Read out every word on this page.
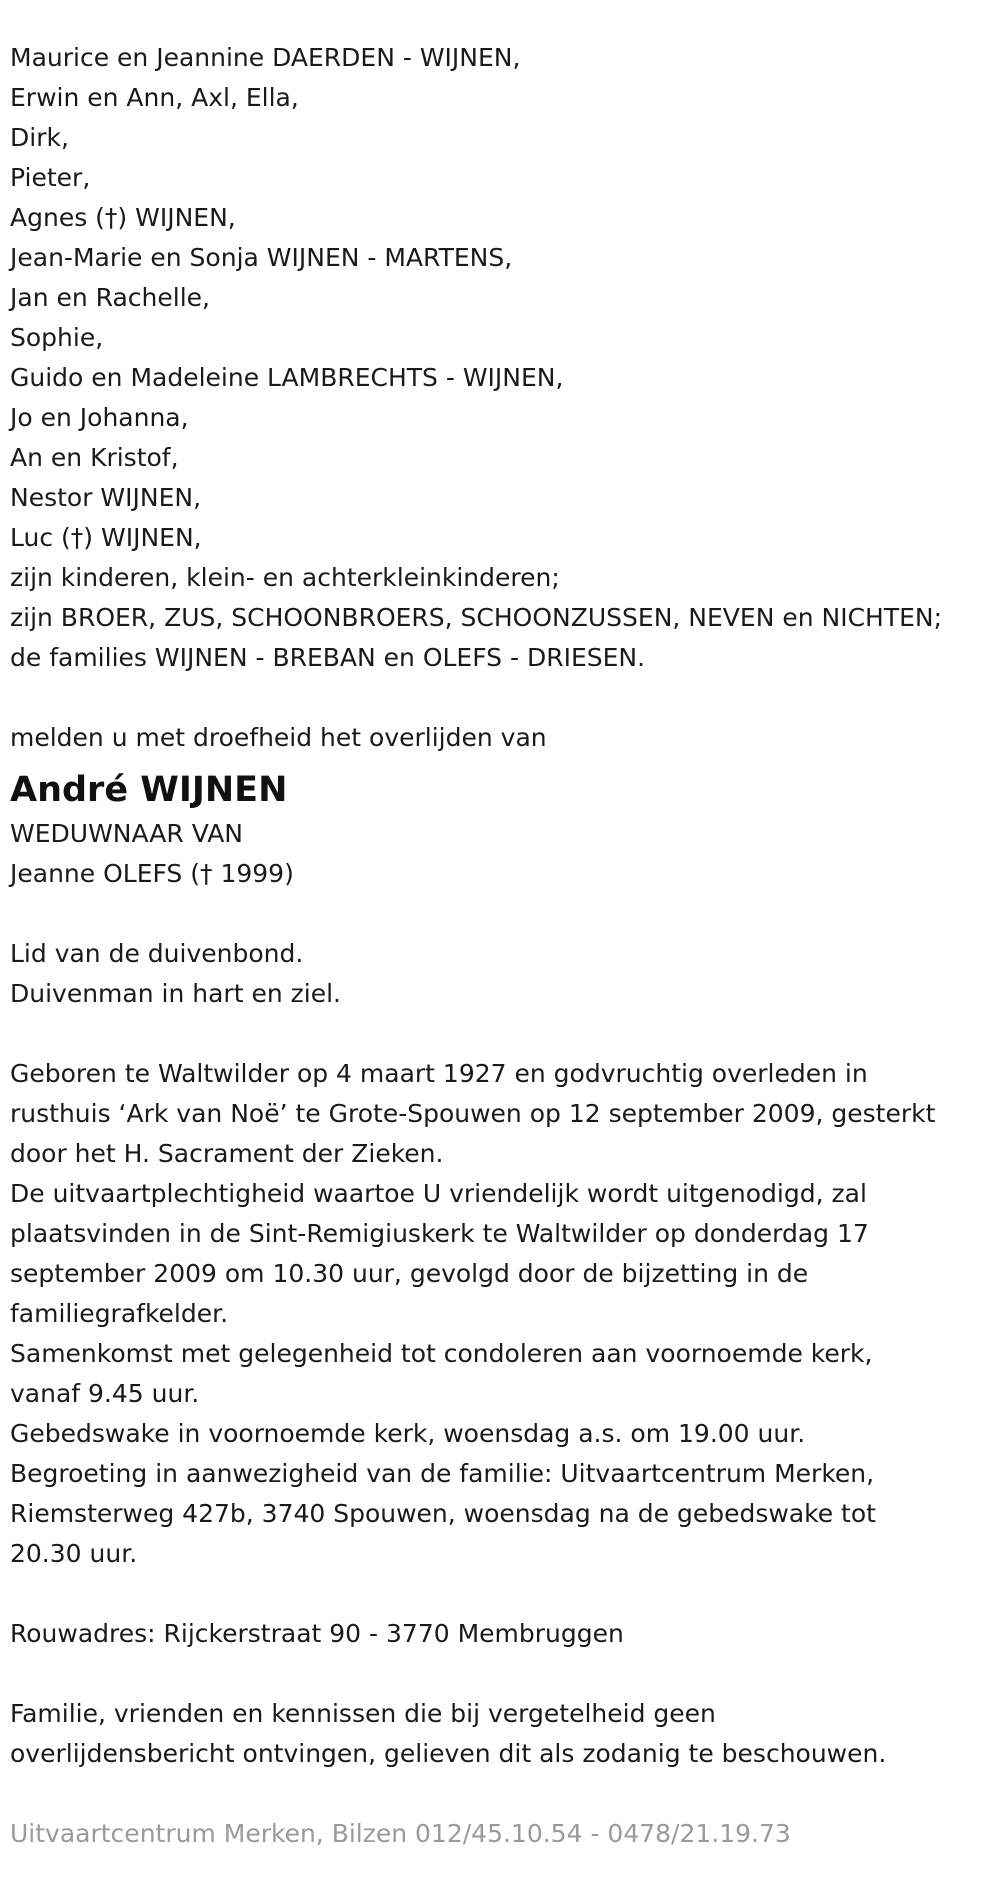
Maurice en Jeannine DAERDEN - WIJNEN,

Erwin en Ann, Axl, Ella,

Dirk,

Pieter,

Agnes (†) WIJNEN,

Jean-Marie en Sonja WIJNEN - MARTENS,

Jan en Rachelle,

Sophie,

Guido en Madeleine LAMBRECHTS - WIJNEN,

Jo en Johanna,

An en Kristof,

Nestor WIJNEN,

Luc (†) WIJNEN,

zijn kinderen, klein- en achterkleinkinderen;

zijn BROER, ZUS, SCHOONBROERS, SCHOONZUSSEN, NEVEN en NICHTEN;

de families WIJNEN - BREBAN en OLEFS - DRIESEN.

melden u met droefheid het overlijden van

André WIJNEN

WEDUWNAAR VAN

Jeanne OLEFS († 1999)

Lid van de duivenbond.

Duivenman in hart en ziel.

Geboren te Waltwilder op 4 maart 1927 en godvruchtig overleden in

rusthuis ‘Ark van Noë’ te Grote-Spouwen op 12 september 2009, gesterkt

door het H. Sacrament der Zieken.

De uitvaartplechtigheid waartoe U vriendelijk wordt uitgenodigd, zal

plaatsvinden in de Sint-Remigiuskerk te Waltwilder op donderdag 17

september 2009 om 10.30 uur, gevolgd door de bijzetting in de

familiegrafkelder.

Samenkomst met gelegenheid tot condoleren aan voornoemde kerk,

vanaf 9.45 uur.

Gebedswake in voornoemde kerk, woensdag a.s. om 19.00 uur.

Begroeting in aanwezigheid van de familie: Uitvaartcentrum Merken,

Riemsterweg 427b, 3740 Spouwen, woensdag na de gebedswake tot

20.30 uur.

Rouwadres: Rijckerstraat 90 - 3770 Membruggen

Familie, vrienden en kennissen die bij vergetelheid geen

overlijdensbericht ontvingen, gelieven dit als zodanig te beschouwen.

Uitvaartcentrum Merken, Bilzen 012/45.10.54 - 0478/21.19.73
